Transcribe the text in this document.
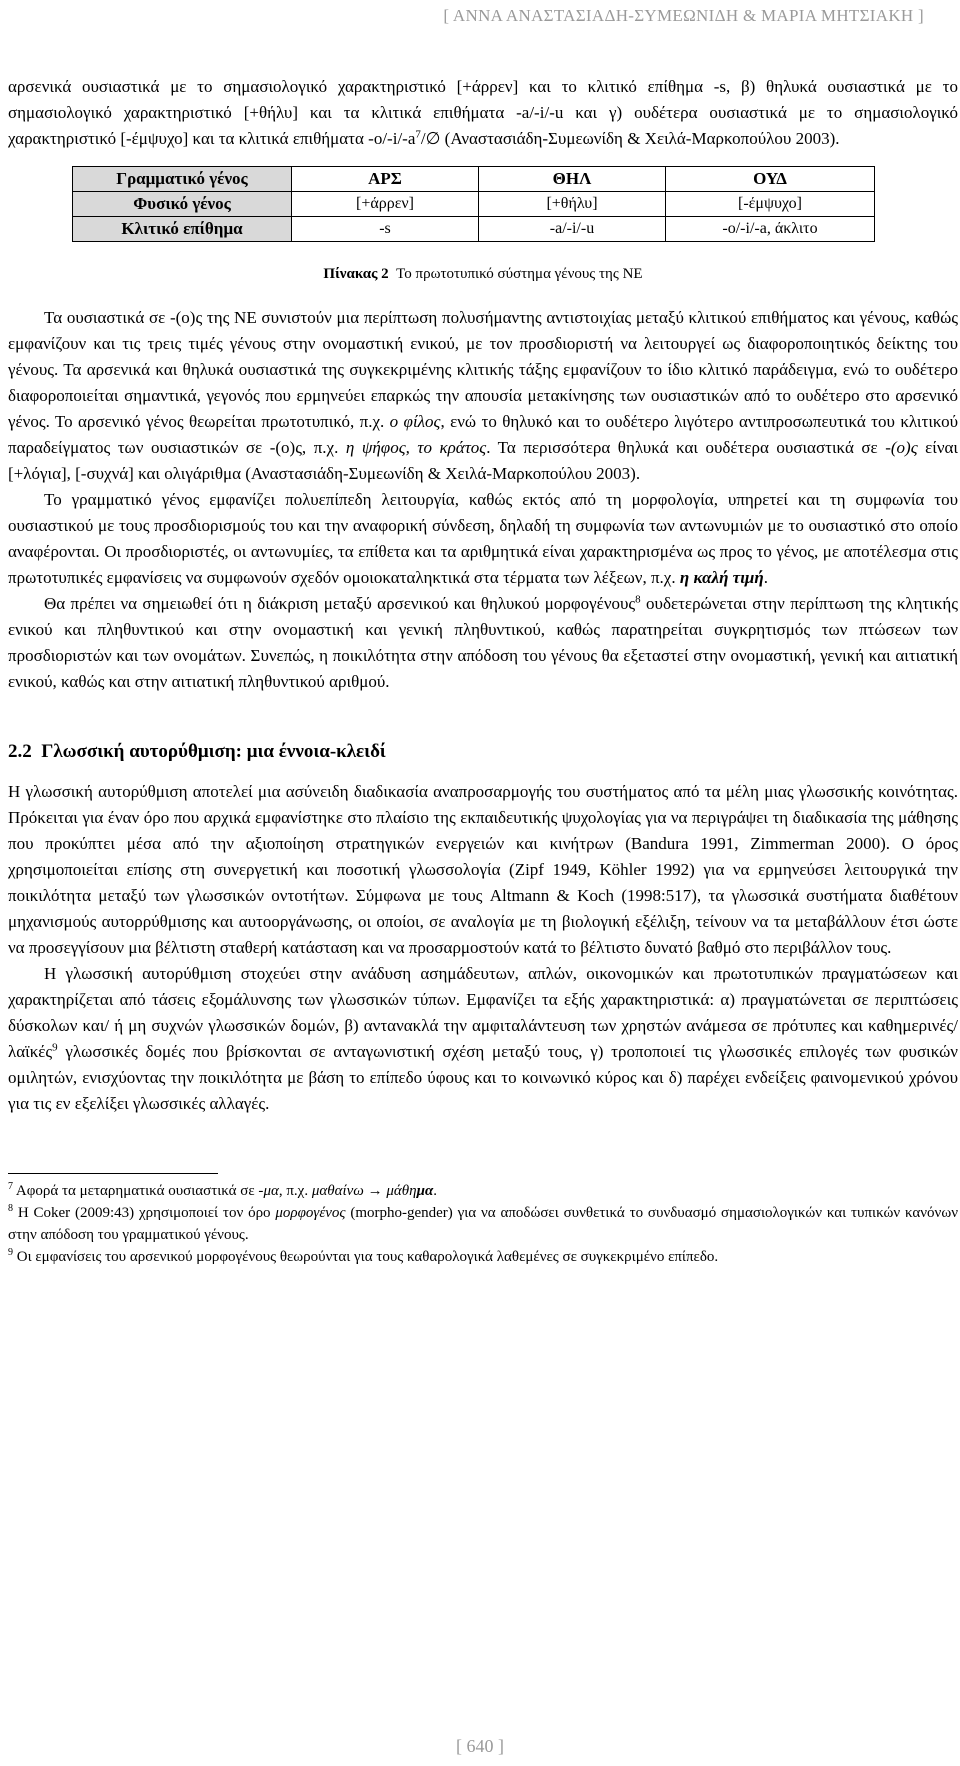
[ ΑΝΝΑ ΑΝΑΣΤΑΣΙΑΔΗ-ΣΥΜΕΩΝΙΔΗ & ΜΑΡΙΑ ΜΗΤΣΙΑΚΗ ]

αρσενικά ουσιαστικά με το σημασιολογικό χαρακτηριστικό [+άρρεν] και το κλιτικό επίθημα -s, β) θηλυκά ουσιαστικά με το σημασιολογικό χαρακτηριστικό [+θήλυ] και τα κλιτικά επιθήματα -a/-i/-u και γ) ουδέτερα ουσιαστικά με το σημασιολογικό χαρακτηριστικό [-έμψυχο] και τα κλιτικά επιθήματα $-o/-i/-a^7/\emptyset$ (Αναστασιάδη-Συμεωνίδη & Χειλά-Μαρκοπούλου 2003).

Γραμματικό γένος	ΑΡΣ	ΘΗΛ	ΟΥΔ
Φυσικό γένος	[+άρρεν]	[+θήλυ]	[-έμψυχο]
Κλιτικό επίθημα	-s	-a/-i/-u	-o/-i/-a, άκλιτο
Πίνακας 2 Το πρωτοτυπικό σύστημα γένους της ΝΕ

Τα ουσιαστικά σε -(ο)ς της ΝΕ συνιστούν μια περίπτωση πολυσήμαντης αντιστοιχίας μεταξύ κλιτικού επιθήματος και γένους, καθώς εμφανίζουν και τις τρεις τιμές γένους στην ονομαστική ενικού, με τον προσδιοριστή να λειτουργεί ως διαφοροποιητικός δείκτης του γένους. Τα αρσενικά και θηλυκά ουσιαστικά της συγκεκριμένης κλιτικής τάξης εμφανίζουν το ίδιο κλιτικό παράδειγμα, ενώ το ουδέτερο διαφοροποιείται σημαντικά, γεγονός που ερμηνεύει επαρκώς την απουσία μετακίνησης των ουσιαστικών από το ουδέτερο στο αρσενικό γένος. Το αρσενικό γένος θεωρείται πρωτοτυπικό, π.χ. ο φίλος, ενώ το θηλυκό και το ουδέτερο λιγότερο αντιπροσωπευτικά του κλιτικού παραδείγματος των ουσιαστικών σε -(ο)ς, π.χ. η ψήφος, το κράτος. Τα περισσότερα θηλυκά και ουδέτερα ουσιαστικά σε -(ο)ς είναι [+λόγια], [-συχνά] και ολιγάριθμα (Αναστασιάδη-Συμεωνίδη & Χειλά-Μαρκοπούλου 2003).

Το γραμματικό γένος εμφανίζει πολυεπίπεδη λειτουργία, καθώς εκτός από τη μορφολογία, υπηρετεί και τη συμφωνία του ουσιαστικού με τους προσδιορισμούς του και την αναφορική σύνδεση, δηλαδή τη συμφωνία των αντωνυμιών με το ουσιαστικό στο οποίο αναφέρονται. Οι προσδιοριστές, οι αντωνυμίες, τα επίθετα και τα αριθμητικά είναι χαρακτηρισμένα ως προς το γένος, με αποτέλεσμα στις πρωτοτυπικές εμφανίσεις να συμφωνούν σχεδόν ομοιοκαταληκτικά στα τέρματα των λέξεων, π.χ. η καλή τιμή.

Θα πρέπει να σημειωθεί ότι η διάκριση μεταξύ αρσενικού και θηλυκού μορφογένους$^8$ ουδετερώνεται στην περίπτωση της κλητικής ενικού και πληθυντικού και στην ονομαστική και γενική πληθυντικού, καθώς παρατηρείται συγκρητισμός των πτώσεων των προσδιοριστών και των ονομάτων. Συνεπώς, η ποικιλότητα στην απόδοση του γένους θα εξεταστεί στην ονομαστική, γενική και αιτιατική ενικού, καθώς και στην αιτιατική πληθυντικού αριθμού.

2.2 Γλωσσική αυτορύθμιση: μια έννοια-κλειδί

Η γλωσσική αυτορύθμιση αποτελεί μια ασύνειδη διαδικασία αναπροσαρμογής του συστήματος από τα μέλη μιας γλωσσικής κοινότητας. Πρόκειται για έναν όρο που αρχικά εμφανίστηκε στο πλαίσιο της εκπαιδευτικής ψυχολογίας για να περιγράψει τη διαδικασία της μάθησης που προκύπτει μέσα από την αξιοποίηση στρατηγικών ενεργειών και κινήτρων (Bandura 1991, Zimmerman 2000). Ο όρος χρησιμοποιείται επίσης στη συνεργετική και ποσοτική γλωσσολογία (Zipf 1949, Köhler 1992) για να ερμηνεύσει λειτουργικά την ποικιλότητα μεταξύ των γλωσσικών οντοτήτων. Σύμφωνα με τους Altmann & Koch (1998:517), τα γλωσσικά συστήματα διαθέτουν μηχανισμούς αυτορρύθμισης και αυτοοργάνωσης, οι οποίοι, σε αναλογία με τη βιολογική εξέλιξη, τείνουν να τα μεταβάλλουν έτσι ώστε να προσεγγίσουν μια βέλτιστη σταθερή κατάσταση και να προσαρμοστούν κατά το βέλτιστο δυνατό βαθμό στο περιβάλλον τους.

Η γλωσσική αυτορύθμιση στοχεύει στην ανάδυση ασημάδευτων, απλών, οικονομικών και πρωτοτυπικών πραγματώσεων και χαρακτηρίζεται από τάσεις εξομάλυνσης των γλωσσικών τύπων. Εμφανίζει τα εξής χαρακτηριστικά: α) πραγματώνεται σε περιπτώσεις δύσκολων και/ ή μη συχνών γλωσσικών δομών, β) αντανακλά την αμφιταλάντευση των χρηστών ανάμεσα σε πρότυπες και καθημερινές/ λαϊκές$^9$ γλωσσικές δομές που βρίσκονται σε ανταγωνιστική σχέση μεταξύ τους, γ) τροποποιεί τις γλωσσικές επιλογές των φυσικών ομιλητών, ενισχύοντας την ποικιλότητα με βάση το επίπεδο ύφους και το κοινωνικό κύρος και δ) παρέχει ενδείξεις φαινομενικού χρόνου για τις εν εξελίξει γλωσσικές αλλαγές.

$^7$ Αφορά τα μεταρηματικά ουσιαστικά σε -μα, π.χ. μαθαίνω → μάθημα.
$^8$ Η Coker (2009:43) χρησιμοποιεί τον όρο μορφογένος (morpho-gender) για να αποδώσει συνθετικά το συνδυασμό σημασιολογικών και τυπικών κανόνων στην απόδοση του γραμματικού γένους.
$^9$ Οι εμφανίσεις του αρσενικού μορφογένους θεωρούνται για τους καθαρολογικά λαθεμένες σε συγκεκριμένο επίπεδο.
[ 640 ]
